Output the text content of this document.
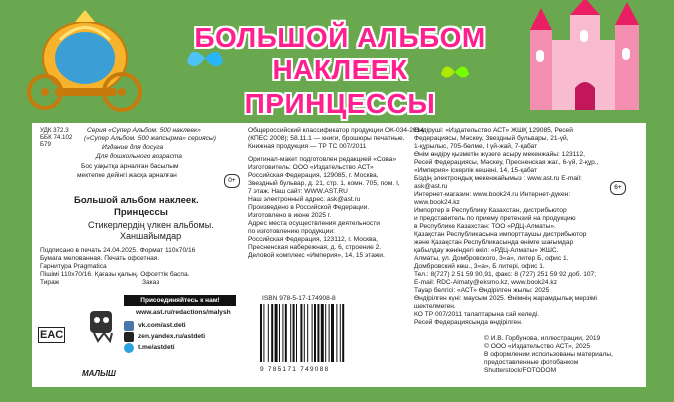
БОЛЬШОЙ АЛЬБОМ НАКЛЕЕК
ПРИНЦЕССЫ
УДК 372.3
ББК 74.102
Б79
Серия «Супер Альбом. 500 наклеек»
(«Супер Альбом. 500 жапсырма» сериясы)
Издание для досуга
Для дошкольного возраста
Бос уақытқа арналған басылым
мектепке дейінгі жасқа арналған
0+
Большой альбом наклеек.
Принцессы
Стикерлердің үлкен альбомы.
Ханшайымдар
Подписано в печать 24.04.2025. Формат 110х70/16
Бумага мелованная. Печать офсетная.
Гарнитура Pragmatica
Пішімі 110х70/16. Қағазы қалың. Офсеттік баспа.
Тираж	Заказ
EAC
МАЛЫШ
Присоединяйтесь к нам!
www.ast.ru/redactions/malysh
vk.com/ast.deti
zen.yandex.ru/astdeti
t.me/astdeti
Общероссийский классификатор продукции ОК-034-2014
(КПЕС 2008); 58.11.1 — книги, брошюры печатные.
Книжная продукция — ТР ТС 007/2011
Оригинал-макет подготовлен редакцией «Сова»
Изготовитель: ООО «Издательство АСТ»
Российская Федерация, 129085, г. Москва,
Звездный бульвар, д. 21, стр. 1, комн. 705, пом. I,
7 этаж. Наш сайт: WWW.AST.RU
Наш электронный адрес: ask@ast.ru
Произведено в Российской Федерации.
Изготовлено в июне 2025 г.
Адрес места осуществления деятельности
по изготовлению продукции:
Российская Федерация, 123112, г. Москва,
Пресненская набережная, д. 6, строение 2.
Деловой комплекс «Империя», 14, 15 этажи.
ISBN 978-5-17-174908-8
9 785171 749088
Өндіруші: «Издательство АСТ» ЖШҚ 129085, Ресей
Федерациясы, Мәскеу, Звездный бульвары, 21-үй,
1-құрылыс, 705-бөлме, I үй-жай, 7-қабат
Өнім өндіру қызметін жүзеге асыру мекенжайы: 123112,
Ресей Федерациясы, Мәскеу, Пресненская жаг., 6-үй, 2-құр.,
«Империя» іскерлік кешені, 14, 15-қабат
Біздің электрондық мекенжайымыз : www.ast.ru E-mail:
ask@ast.ru	6+
Интернет-магазин: www.book24.ru Интернет-дүкен:
www.book24.kz
Импортер в Республику Казахстан, дистрибьютор
и представитель по приему претензий на продукцию
в Республике Казахстан: ТОО «РДЦ-Алматы».
Қазақстан Республикасына импорттаушы дистрибьютор
және Қазақстан Республикасында өнімге шағымдар
қабылдау жөніндегі өкіл: «РДЦ-Алматы» ЖШС.
Алматы, ул. Домбровского, 3«а», литер Б, офис 1.
Домбровский көш., 3«а», Б литері, офис 1.
Тел.: 8(727) 2 51 59 90,91, факс: 8 (727) 251 59 92 доб. 107;
E-mail: RDC-Almaty@eksmo.kz, www.book24.kz
Тауар белгісі: «АСТ» Өндірілген жылы: 2025
Өндірілген күні: маусым 2025. Өнімнің жарамдылық мерзімі
шектелмеген.
КО ТР 007/2011 талаптарына сай келеді.
Ресей Федерациясында өндірілген.
© И.В. Горбунова, иллюстрации, 2019
© ООО «Издательство АСТ», 2025
В оформлении использованы материалы,
предоставленные фотобанком
Shutterstock/FOTODOM
